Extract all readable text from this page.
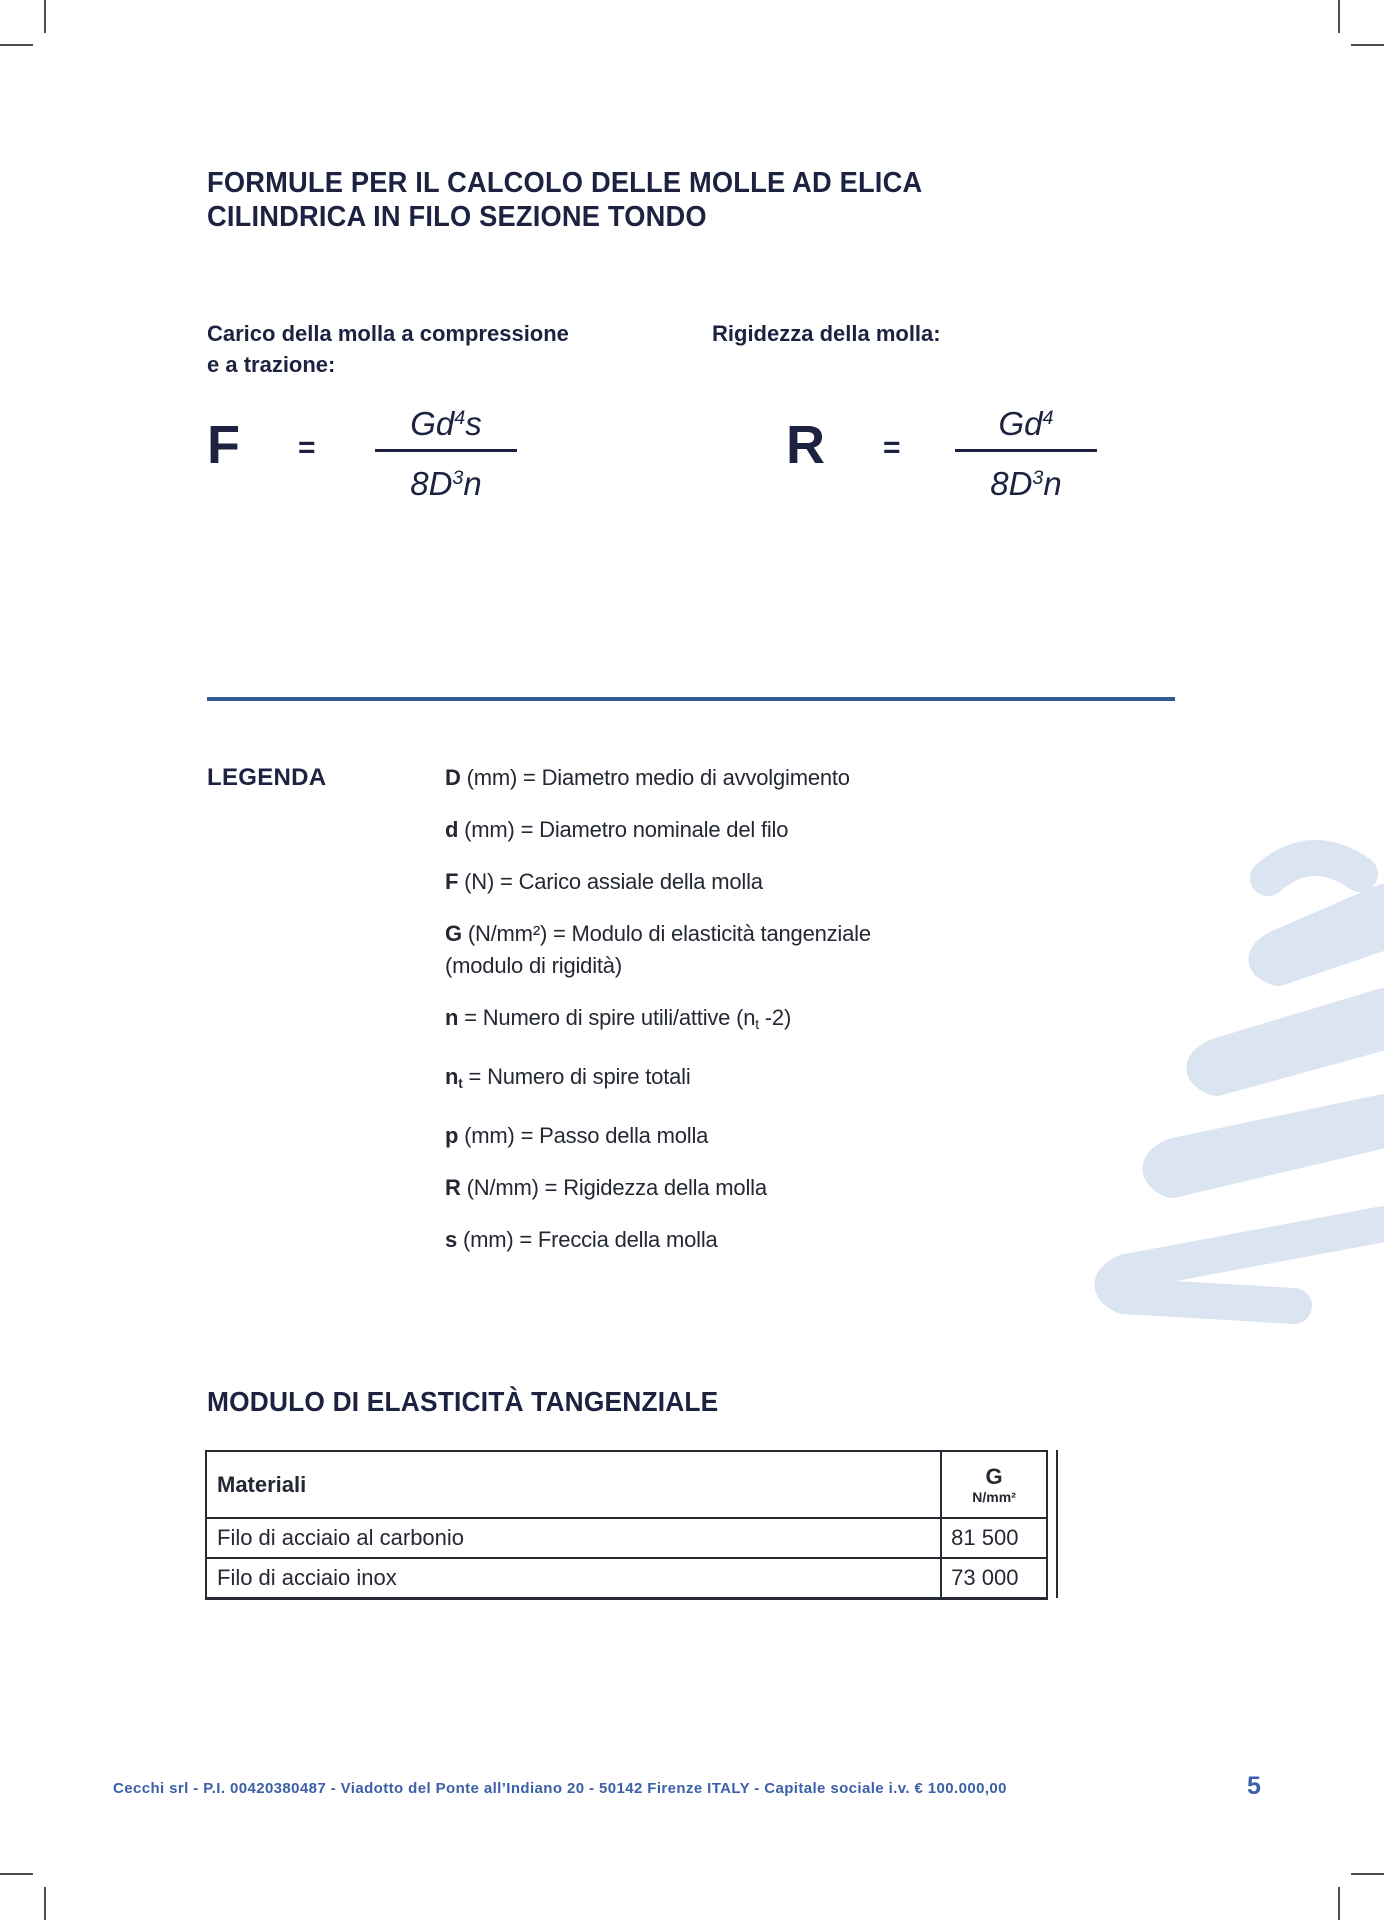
FORMULE PER IL CALCOLO DELLE MOLLE AD ELICA
CILINDRICA IN FILO SEZIONE TONDO
Carico della molla a compressione
e a trazione:
Rigidezza della molla:
F =
$Gd^4s$
$8D^3n$
R =
$Gd^4$
$8D^3n$
LEGENDA	D (mm) = Diametro medio di avvolgimento
d (mm) = Diametro nominale del filo
F (N) = Carico assiale della molla
G (N/mm²) = Modulo di elasticità tangenziale
(modulo di rigidità)
n = Numero di spire utili/attive (nt -2)
nt = Numero di spire totali
p (mm) = Passo della molla
R (N/mm) = Rigidezza della molla
s (mm) = Freccia della molla
MODULO DI ELASTICITÀ TANGENZIALE
Materiali	G
N/mm²

Filo di acciaio al carbonio	81 500
Filo di acciaio inox	73 000
Cecchi srl - P.I. 00420380487 - Viadotto del Ponte all’Indiano 20 - 50142 Firenze ITALY - Capitale sociale i.v. € 100.000,00	5
